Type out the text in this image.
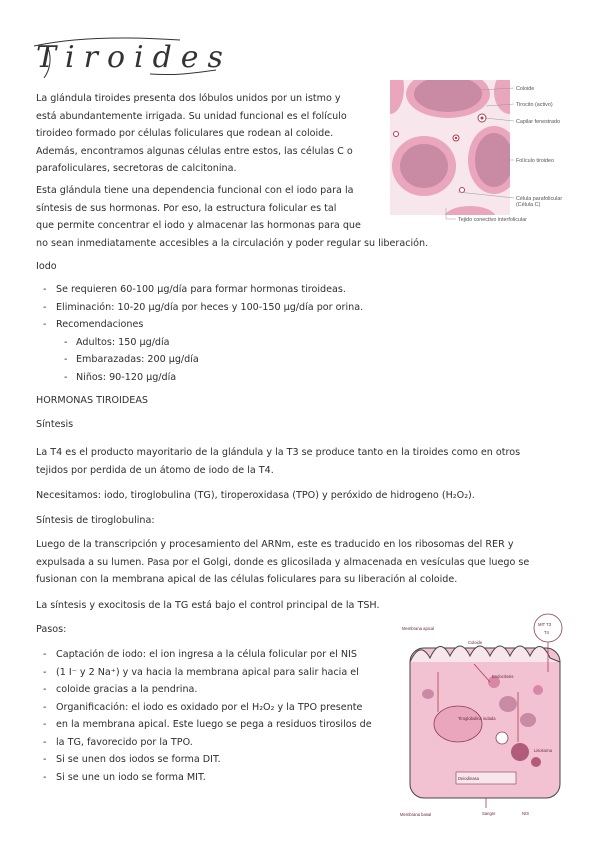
Tiroides
La glándula tiroides presenta dos lóbulos unidos por un istmo y
está abundantemente irrigada. Su unidad funcional es el folículo
tiroideo formado por células foliculares que rodean al coloide.
Además, encontramos algunas células entre estos, las células C o
parafoliculares, secretoras de calcitonina.
Esta glándula tiene una dependencia funcional con el iodo para la
síntesis de sus hormonas. Por eso, la estructura folicular es tal
que permite concentrar el iodo y almacenar las hormonas para que
no sean inmediatamente accesibles a la circulación y poder regular su liberación.
Coloide
Tirocito (activo)
Capilar fenestrado
Folículo tiroideo
Célula parafolicular
(Célula C)
Tejido conectivo interfolicular
Iodo
- Se requieren 60-100 μg/día para formar hormonas tiroideas.
- Eliminación: 10-20 μg/día por heces y 100-150 μg/día por orina.
- Recomendaciones
- Adultos: 150 μg/día
- Embarazadas: 200 μg/día
- Niños: 90-120 μg/día
HORMONAS TIROIDEAS
Síntesis
La T4 es el producto mayoritario de la glándula y la T3 se produce tanto en la tiroides como en otros
tejidos por perdida de un átomo de iodo de la T4.
Necesitamos: iodo, tiroglobulina (TG), tiroperoxidasa (TPO) y peróxido de hidrogeno (H₂O₂).
Síntesis de tiroglobulina:
Luego de la transcripción y procesamiento del ARNm, este es traducido en los ribosomas del RER y
expulsada a su lumen. Pasa por el Golgi, donde es glicosilada y almacenada en vesículas que luego se
fusionan con la membrana apical de las células foliculares para su liberación al coloide.
La síntesis y exocitosis de la TG está bajo el control principal de la TSH.
Pasos:
- Captación de iodo: el ion ingresa a la célula folicular por el NIS
- (1 I⁻ y 2 Na⁺) y va hacia la membrana apical para salir hacia el
- coloide gracias a la pendrina.
- Organificación: el iodo es oxidado por el H₂O₂ y la TPO presente
- en la membrana apical. Este luego se pega a residuos tirosilos de
- la TG, favorecido por la TPO.
- Si se unen dos iodos se forma DIT.
- Si se une un iodo se forma MIT.
Membrana apical
MIT T3
T4
Coloide
Tiroglobulina iodada
Endocitosis
Deiodinasa
Lisosoma
Membrana basal	Sangre	NIS
